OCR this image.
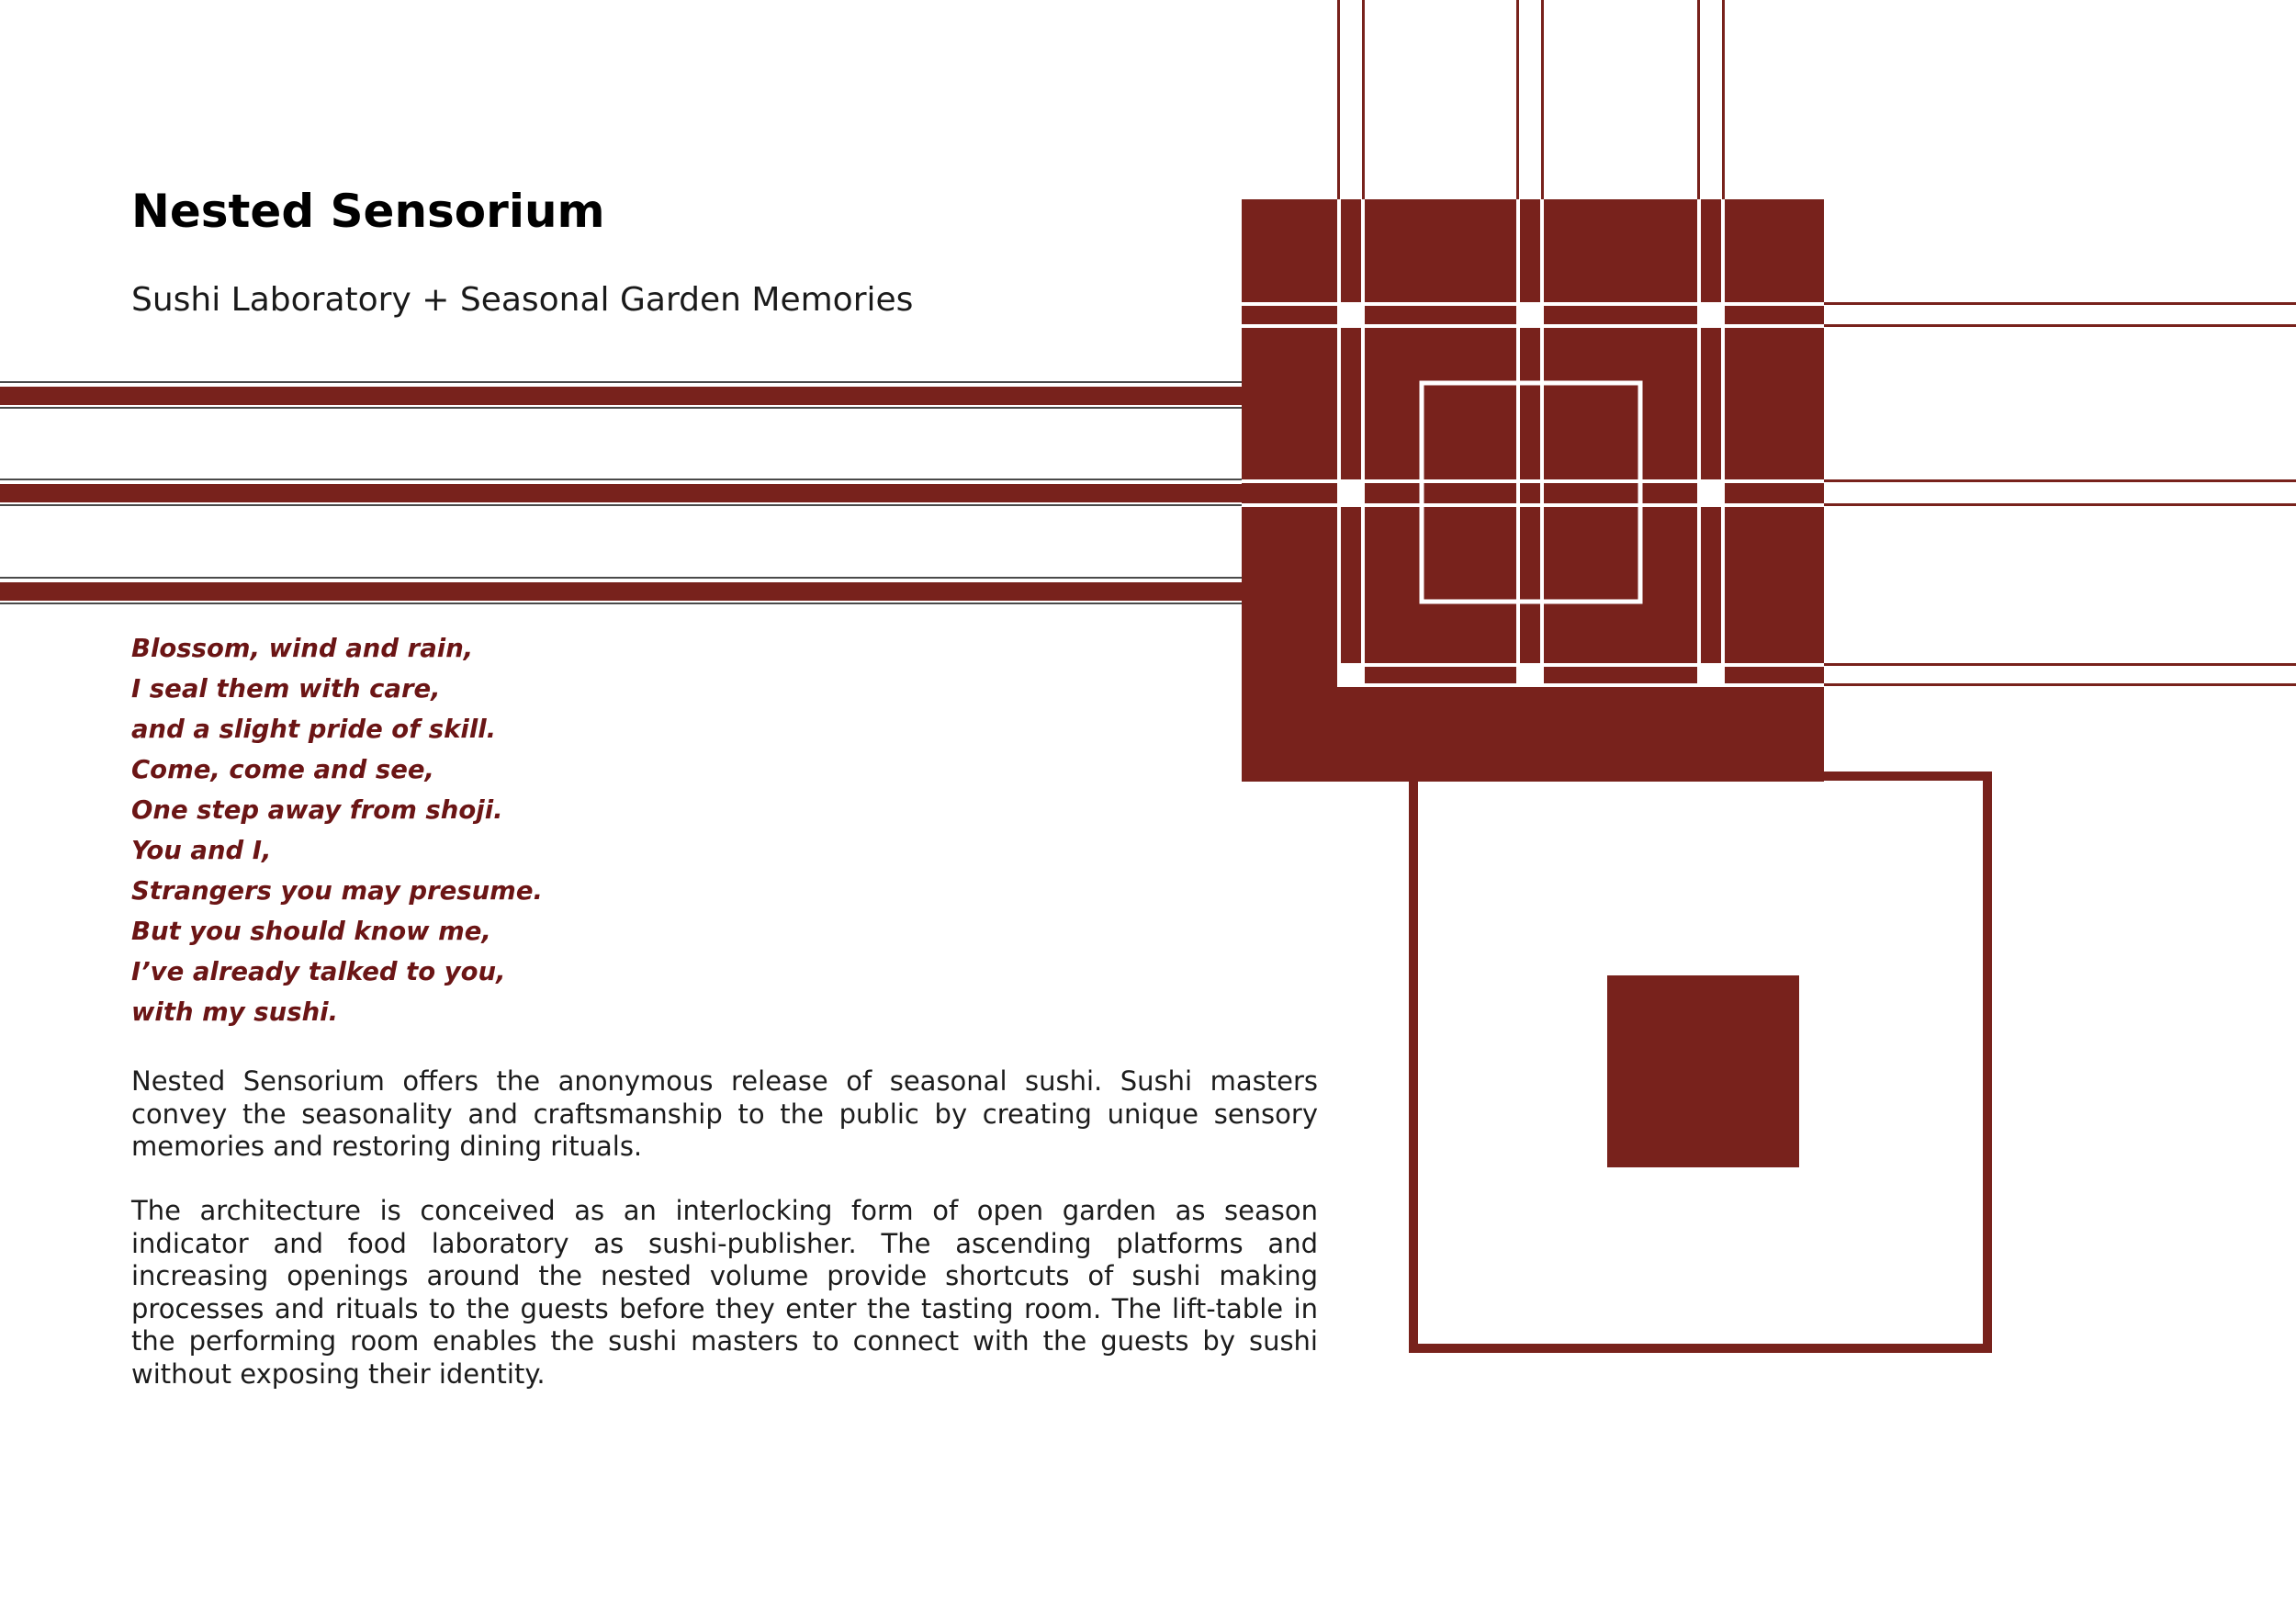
Nested Sensorium
Sushi Laboratory + Seasonal Garden Memories
Blossom, wind and rain,
I seal them with care,
and a slight pride of skill.
Come, come and see,
One step away from shoji.
You and I,
Strangers you may presume.
But you should know me,
I’ve already talked to you,
with my sushi.

Nested Sensorium offers the anonymous release of seasonal sushi. Sushi masters convey the seasonality and craftsmanship to the public by creating unique sensory memories and restoring dining rituals.

The architecture is conceived as an interlocking form of open garden as season indicator and food laboratory as sushi-publisher. The ascending platforms and increasing openings around the nested volume provide shortcuts of sushi making processes and rituals to the guests before they enter the tasting room. The lift-table in the performing room enables the sushi masters to connect with the guests by sushi without exposing their identity.
